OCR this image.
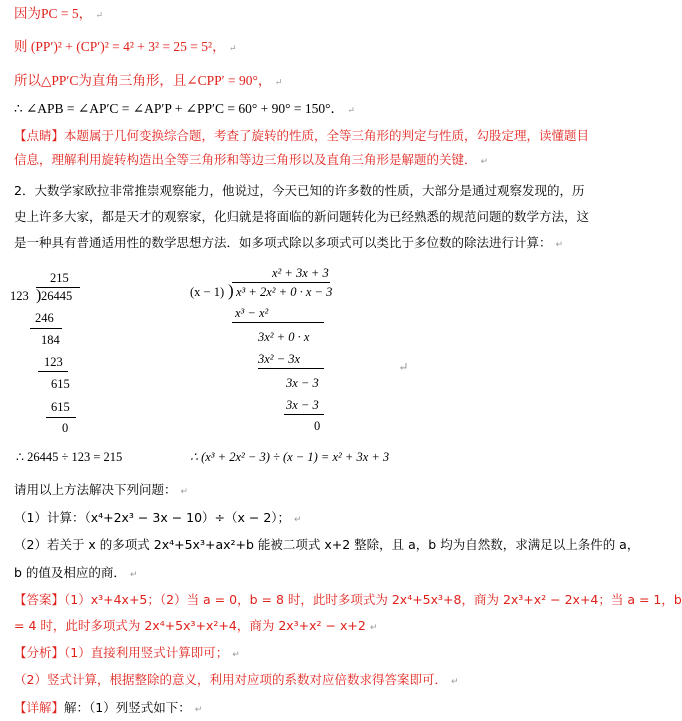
因为PC = 5， ↵
则 (PP′)² + (CP′)² = 4² + 3² = 25 = 5²， ↵
所以△PP′C为直角三角形，且∠CPP′ = 90°， ↵
∴ ∠APB = ∠AP′C = ∠AP′P + ∠PP′C = 60° + 90° = 150°． ↵
【点睛】本题属于几何变换综合题，考查了旋转的性质，全等三角形的判定与性质，勾股定理，读懂题目
信息，理解利用旋转构造出全等三角形和等边三角形以及直角三角形是解题的关键． ↵
2．大数学家欧拉非常推崇观察能力，他说过，今天已知的许多数的性质，大部分是通过观察发现的，历
史上许多大家，都是天才的观察家，化归就是将面临的新问题转化为已经熟悉的规范问题的数学方法，这
是一种具有普通适用性的数学思想方法．如多项式除以多项式可以类比于多位数的除法进行计算： ↵
215
123 ) 26445
246
184
123
615
615
0
∴ 26445 ÷ 123 = 215
x² + 3x + 3
(x − 1) ) x³ + 2x² + 0 · x − 3
x³ − x²
3x² + 0 · x
3x² − 3x
3x − 3
3x − 3
0
∴ (x³ + 2x² − 3) ÷ (x − 1) = x² + 3x + 3
↵
请用以上方法解决下列问题： ↵
（1）计算：（x⁴+2x³ − 3x − 10）÷（x − 2）； ↵
（2）若关于 x 的多项式 2x⁴+5x³+ax²+b 能被二项式 x+2 整除，且 a，b 均为自然数，求满足以上条件的 a，
b 的值及相应的商． ↵
【答案】（1）x³+4x+5；（2）当 a = 0，b = 8 时，此时多项式为 2x⁴+5x³+8，商为 2x³+x² − 2x+4；当 a = 1，b
= 4 时，此时多项式为 2x⁴+5x³+x²+4，商为 2x³+x² − x+2 ↵
【分析】（1）直接利用竖式计算即可； ↵
（2）竖式计算，根据整除的意义，利用对应项的系数对应倍数求得答案即可． ↵
【详解】解：（1）列竖式如下： ↵
